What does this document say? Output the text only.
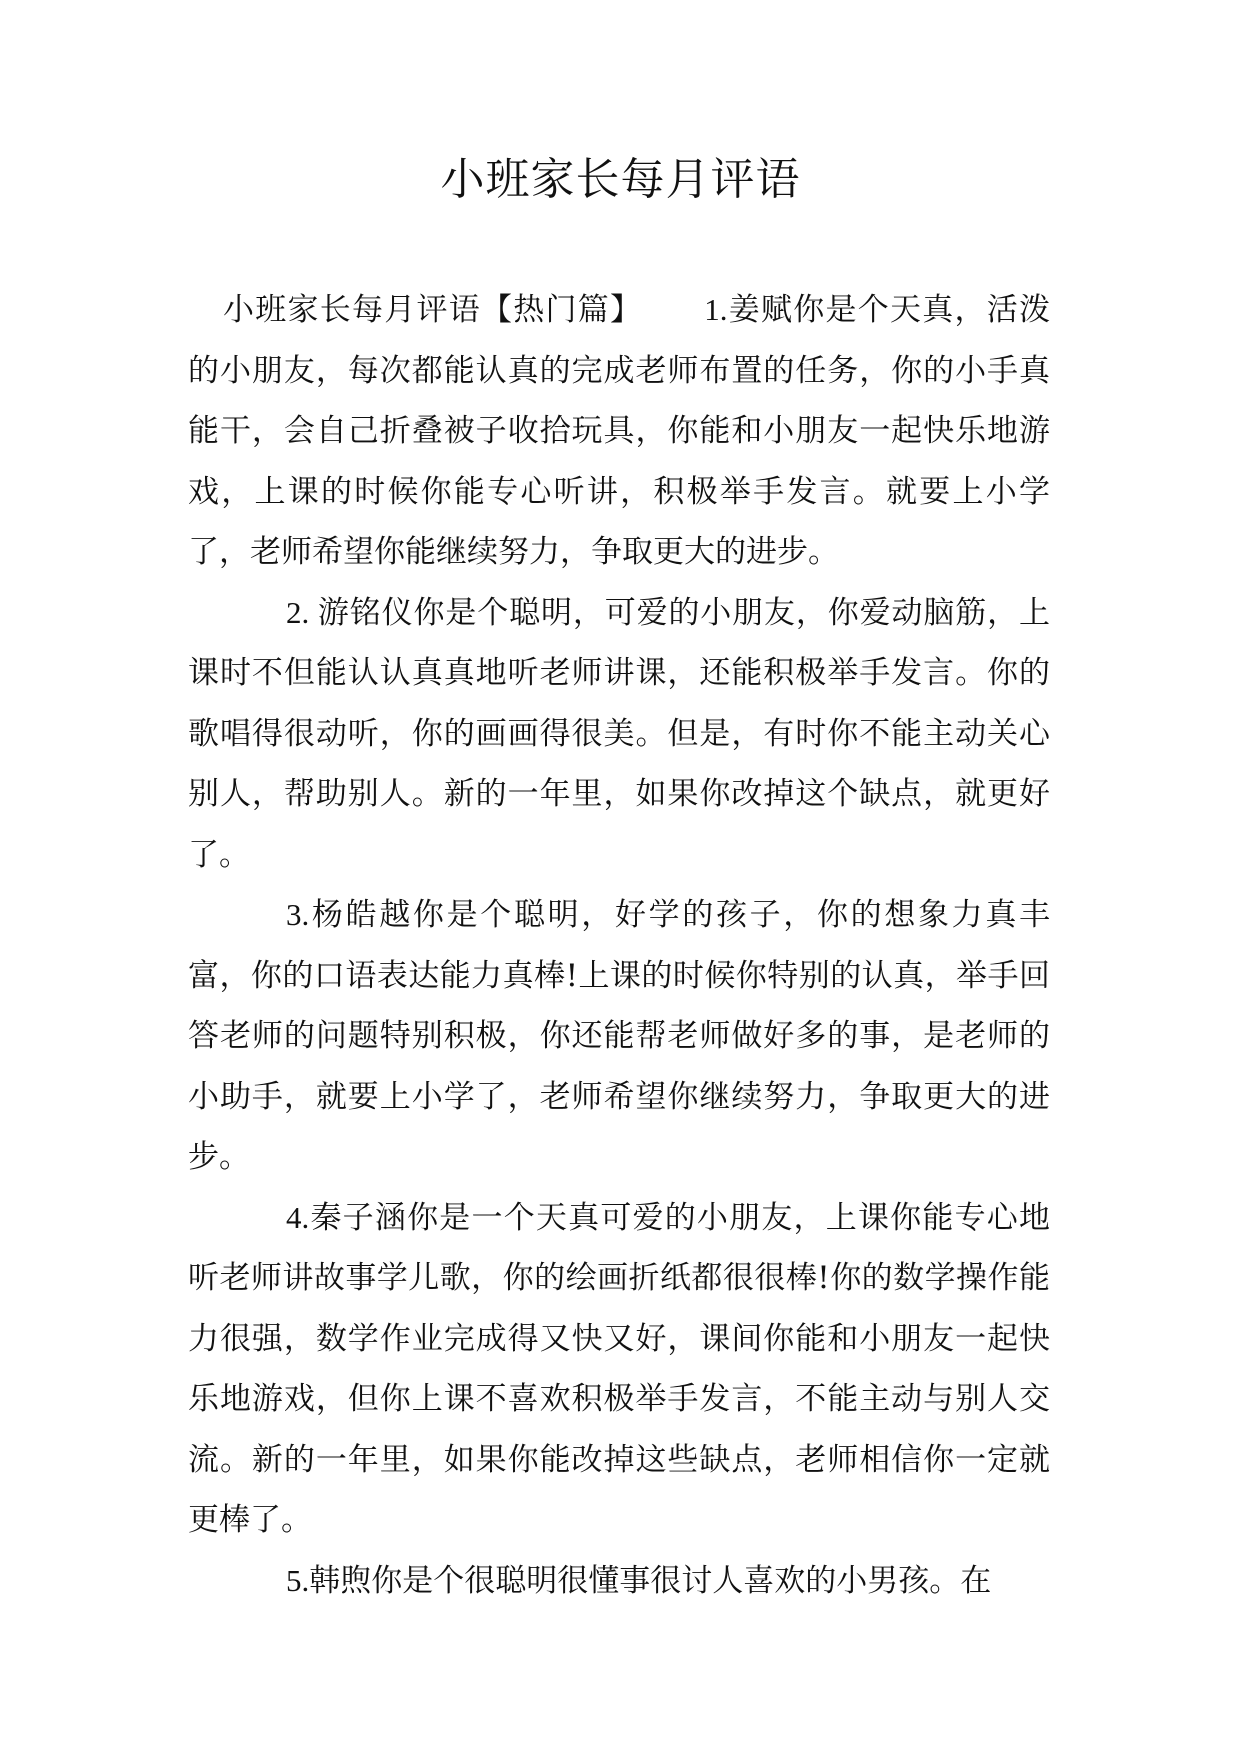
小班家长每月评语

小班家长每月评语【热门篇】 1.姜赋你是个天真，活泼的小朋友，每次都能认真的完成老师布置的任务，你的小手真能干，会自己折叠被子收拾玩具，你能和小朋友一起快乐地游戏，上课的时候你能专心听讲，积极举手发言。就要上小学了，老师希望你能继续努力，争取更大的进步。

2. 游铭仪你是个聪明，可爱的小朋友，你爱动脑筋，上课时不但能认认真真地听老师讲课，还能积极举手发言。你的歌唱得很动听，你的画画得很美。但是，有时你不能主动关心别人，帮助别人。新的一年里，如果你改掉这个缺点，就更好了。

3.杨皓越你是个聪明，好学的孩子，你的想象力真丰富，你的口语表达能力真棒!上课的时候你特别的认真，举手回答老师的问题特别积极，你还能帮老师做好多的事，是老师的小助手，就要上小学了，老师希望你继续努力，争取更大的进步。

4.秦子涵你是一个天真可爱的小朋友，上课你能专心地听老师讲故事学儿歌，你的绘画折纸都很很棒!你的数学操作能力很强，数学作业完成得又快又好，课间你能和小朋友一起快乐地游戏，但你上课不喜欢积极举手发言，不能主动与别人交流。新的一年里，如果你能改掉这些缺点，老师相信你一定就更棒了。

5.韩煦你是个很聪明很懂事很讨人喜欢的小男孩。在
